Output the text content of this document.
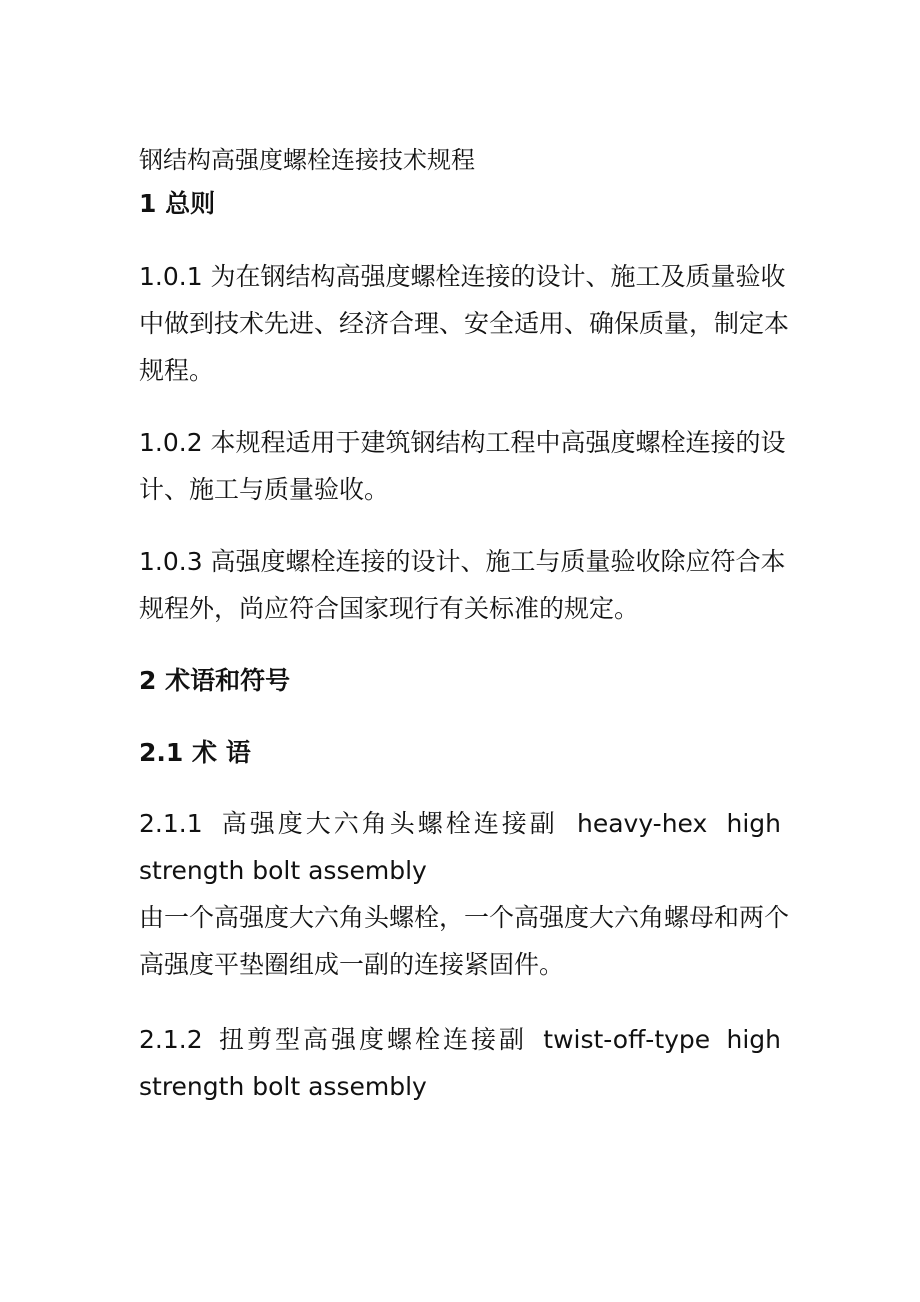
钢结构高强度螺栓连接技术规程
1 总则
1.0.1 为在钢结构高强度螺栓连接的设计、施工及质量验收
中做到技术先进、经济合理、安全适用、确保质量，制定本
规程。
1.0.2 本规程适用于建筑钢结构工程中高强度螺栓连接的设
计、施工与质量验收。
1.0.3 高强度螺栓连接的设计、施工与质量验收除应符合本
规程外，尚应符合国家现行有关标准的规定。
2 术语和符号
2.1 术 语
2.1.1 高强度大六角头螺栓连接副 heavy-hex high
strength bolt assembly
由一个高强度大六角头螺栓，一个高强度大六角螺母和两个
高强度平垫圈组成一副的连接紧固件。
2.1.2 扭剪型高强度螺栓连接副 twist-off-type high
strength bolt assembly
